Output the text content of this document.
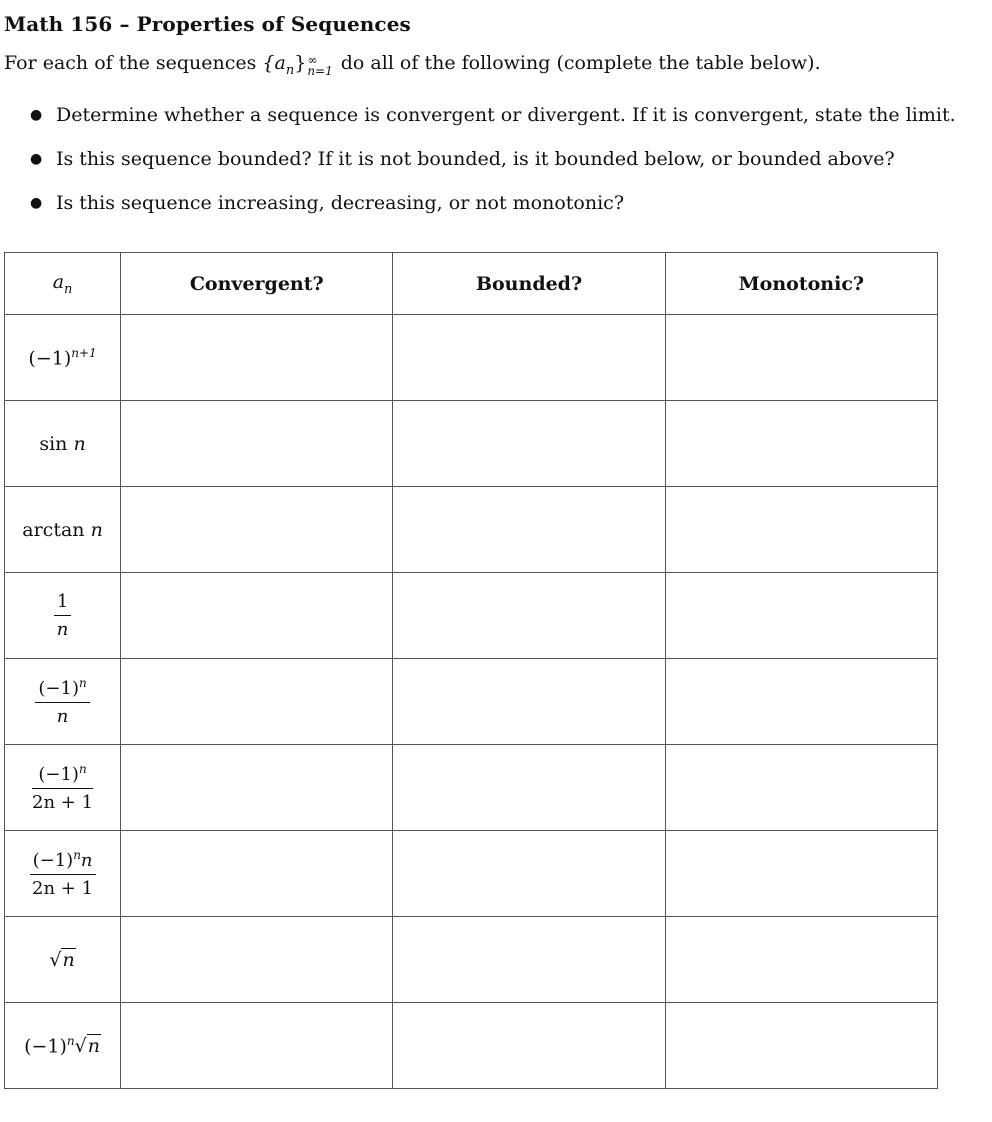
Math 156 – Properties of Sequences
For each of the sequences $\{a_n\}$ ∞
n=1 do all of the following (complete the table below).
● Determine whether a sequence is convergent or divergent. If it is convergent, state the limit.
● Is this sequence bounded? If it is not bounded, is it bounded below, or bounded above?
● Is this sequence increasing, decreasing, or not monotonic?
$a_n$	Convergent?	Bounded?	Monotonic?
$(-1)^{n+1}$			
sin n			
arctan n			

$\frac{1}{n}$

$\frac{(-1)^n}{n}$

$\frac{(-1)^n}{2n + 1}$

$\frac{(-1)^nn}{2n + 1}$

√n			
$(-1)^n√n$			
